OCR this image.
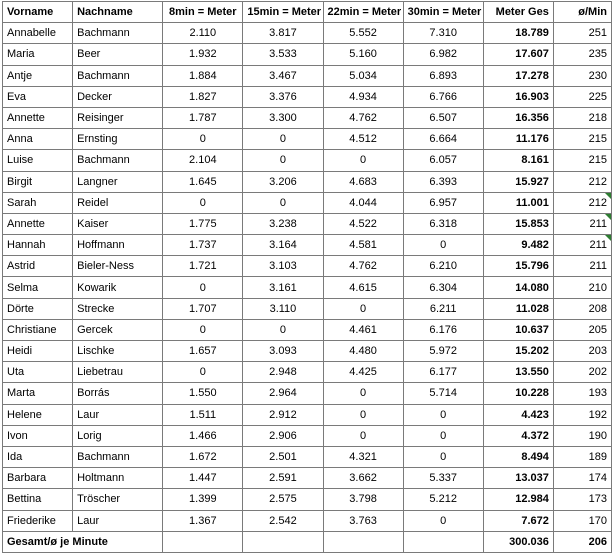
Vorname	Nachname	8min = Meter	15min = Meter	22min = Meter	30min = Meter	Meter Ges	ø/Min
Annabelle	Bachmann	2.110	3.817	5.552	7.310	18.789	251
Maria	Beer	1.932	3.533	5.160	6.982	17.607	235
Antje	Bachmann	1.884	3.467	5.034	6.893	17.278	230
Eva	Decker	1.827	3.376	4.934	6.766	16.903	225
Annette	Reisinger	1.787	3.300	4.762	6.507	16.356	218
Anna	Ernsting	0	0	4.512	6.664	11.176	215
Luise	Bachmann	2.104	0	0	6.057	8.161	215
Birgit	Langner	1.645	3.206	4.683	6.393	15.927	212
Sarah	Reidel	0	0	4.044	6.957	11.001	212
Annette	Kaiser	1.775	3.238	4.522	6.318	15.853	211
Hannah	Hoffmann	1.737	3.164	4.581	0	9.482	211
Astrid	Bieler-Ness	1.721	3.103	4.762	6.210	15.796	211
Selma	Kowarik	0	3.161	4.615	6.304	14.080	210
Dörte	Strecke	1.707	3.110	0	6.211	11.028	208
Christiane	Gercek	0	0	4.461	6.176	10.637	205
Heidi	Lischke	1.657	3.093	4.480	5.972	15.202	203
Uta	Liebetrau	0	2.948	4.425	6.177	13.550	202
Marta	Borrás	1.550	2.964	0	5.714	10.228	193
Helene	Laur	1.511	2.912	0	0	4.423	192
Ivon	Lorig	1.466	2.906	0	0	4.372	190
Ida	Bachmann	1.672	2.501	4.321	0	8.494	189
Barbara	Holtmann	1.447	2.591	3.662	5.337	13.037	174
Bettina	Tröscher	1.399	2.575	3.798	5.212	12.984	173
Friederike	Laur	1.367	2.542	3.763	0	7.672	170
Gesamt/ø je Minute						300.036	206
